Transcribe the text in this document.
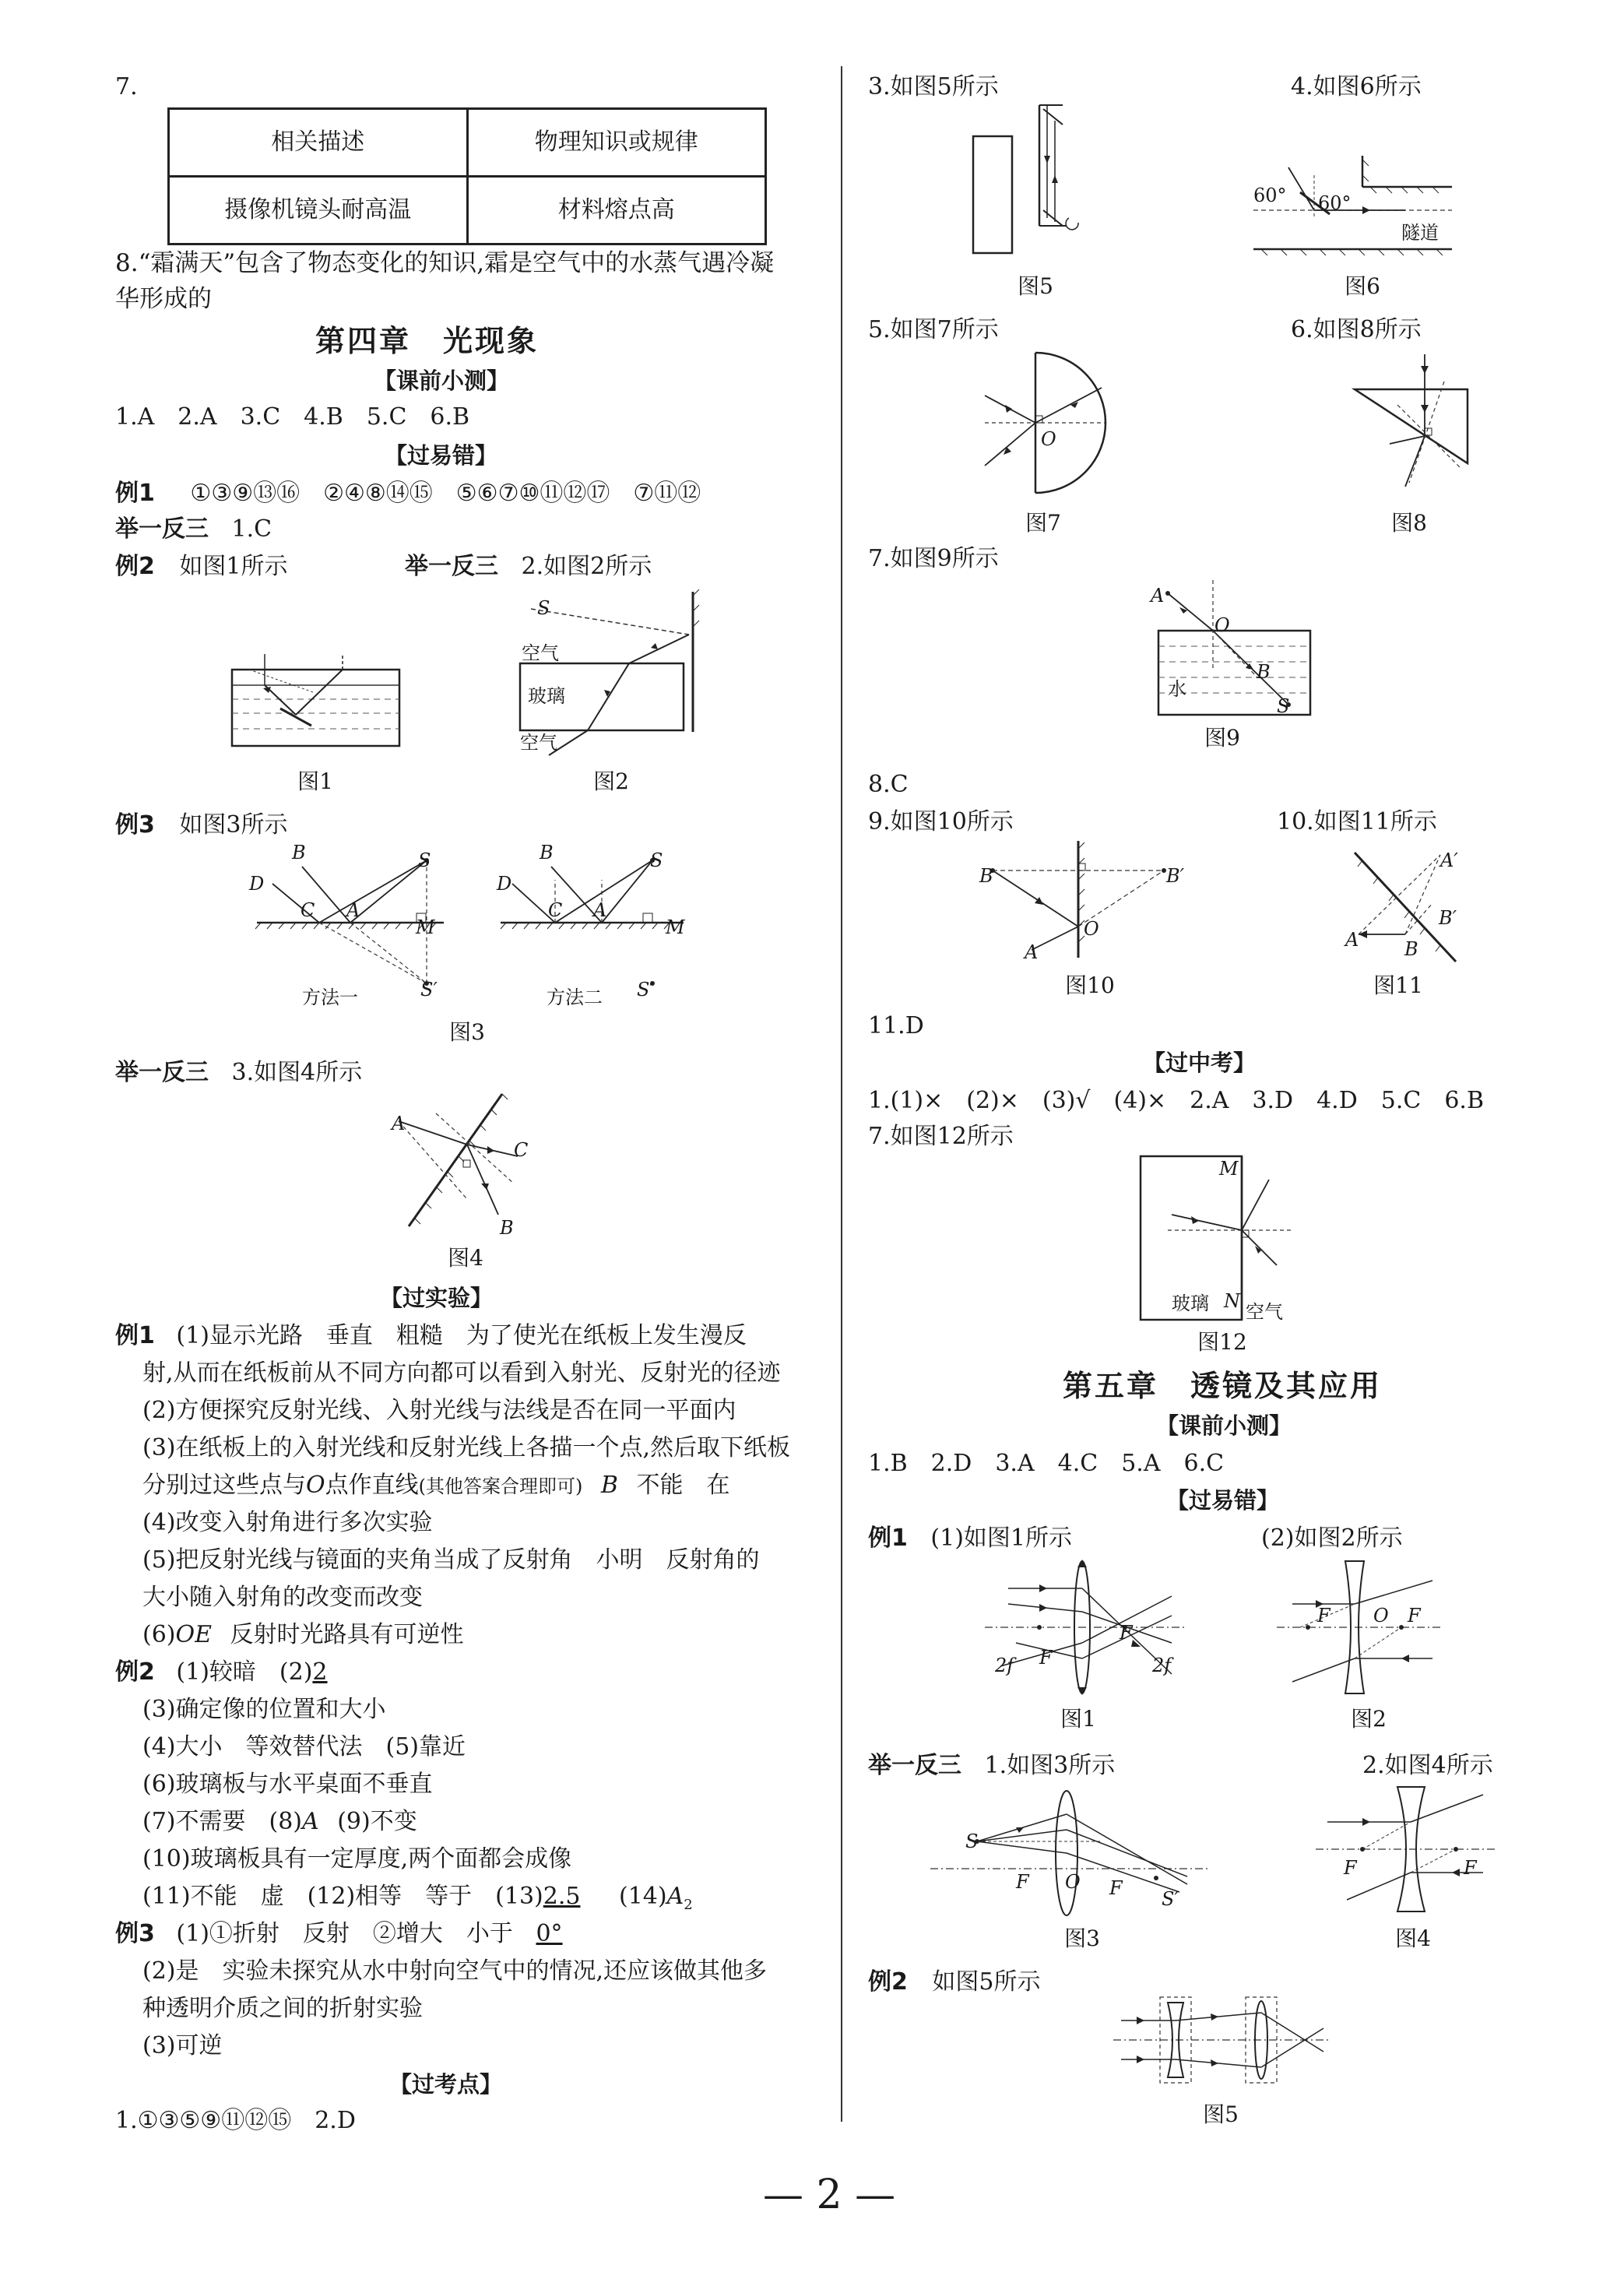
7.
相关描述	物理知识或规律
摄像机镜头耐高温	材料熔点高
8.“霜满天”包含了物态变化的知识,霜是空气中的水蒸气遇冷凝
华形成的
第四章　光现象
【课前小测】
1.A　2.A　3.C　4.B　5.C　6.B
【过易错】
例1 ①③⑨⑬⑯　②④⑧⑭⑮　⑤⑥⑦⑩⑪⑫⑰　⑦⑪⑫
举一反三 1.C
例2 如图1所示	举一反三 2.如图2所示
图1
S
空气
玻璃
空气
图2
例3 如图3所示
B	S
D
C A
M
S′
方法一
B	S
D
C A
M
S′
方法二
图3
举一反三 3.如图4所示
A
C
B
图4
【过实验】
例1 (1)显示光路　垂直　粗糙　为了使光在纸板上发生漫反
射,从而在纸板前从不同方向都可以看到入射光、反射光的径迹
(2)方便探究反射光线、入射光线与法线是否在同一平面内
(3)在纸板上的入射光线和反射光线上各描一个点,然后取下纸板
分别过这些点与O点作直线(其他答案合理即可) B 不能　在
(4)改变入射角进行多次实验
(5)把反射光线与镜面的夹角当成了反射角　小明　反射角的
大小随入射角的改变而改变
(6)OE 反射时光路具有可逆性
例2 (1)较暗　(2)2
(3)确定像的位置和大小
(4)大小　等效替代法　(5)靠近
(6)玻璃板与水平桌面不垂直
(7)不需要　(8)A (9)不变
(10)玻璃板具有一定厚度,两个面都会成像
(11)不能　虚　(12)相等　等于　(13)2.5 $(14)A_2$
例3 (1)①折射　反射　②增大　小于 0°
(2)是　实验未探究从水中射向空气中的情况,还应该做其他多
种透明介质之间的折射实验
(3)可逆
【过考点】
1.①③⑤⑨⑪⑫⑮　2.D
3.如图5所示	4.如图6所示
图5
60° 60°
隧道
图6
5.如图7所示	6.如图8所示
O
图7	图8
7.如图9所示
A
O
水
B
S
图9
8.C
9.如图10所示	10.如图11所示
B	B′
A
O
图10
A′
B′
A B
图11
11.D
【过中考】
1.(1)×　(2)×　(3)√　(4)×　2.A　3.D　4.D　5.C　6.B
7.如图12所示
M
玻璃 N 空气
图12
第五章　透镜及其应用
【课前小测】
1.B　2.D　3.A　4.C　5.A　6.C
【过易错】
例1 (1)如图1所示	(2)如图2所示
F
F
2f	2f
图1
F O F
图2
举一反三 1.如图3所示	2.如图4所示
S
F O F S′
图3
F	F
图4
例2 如图5所示
图5
— 2 —
